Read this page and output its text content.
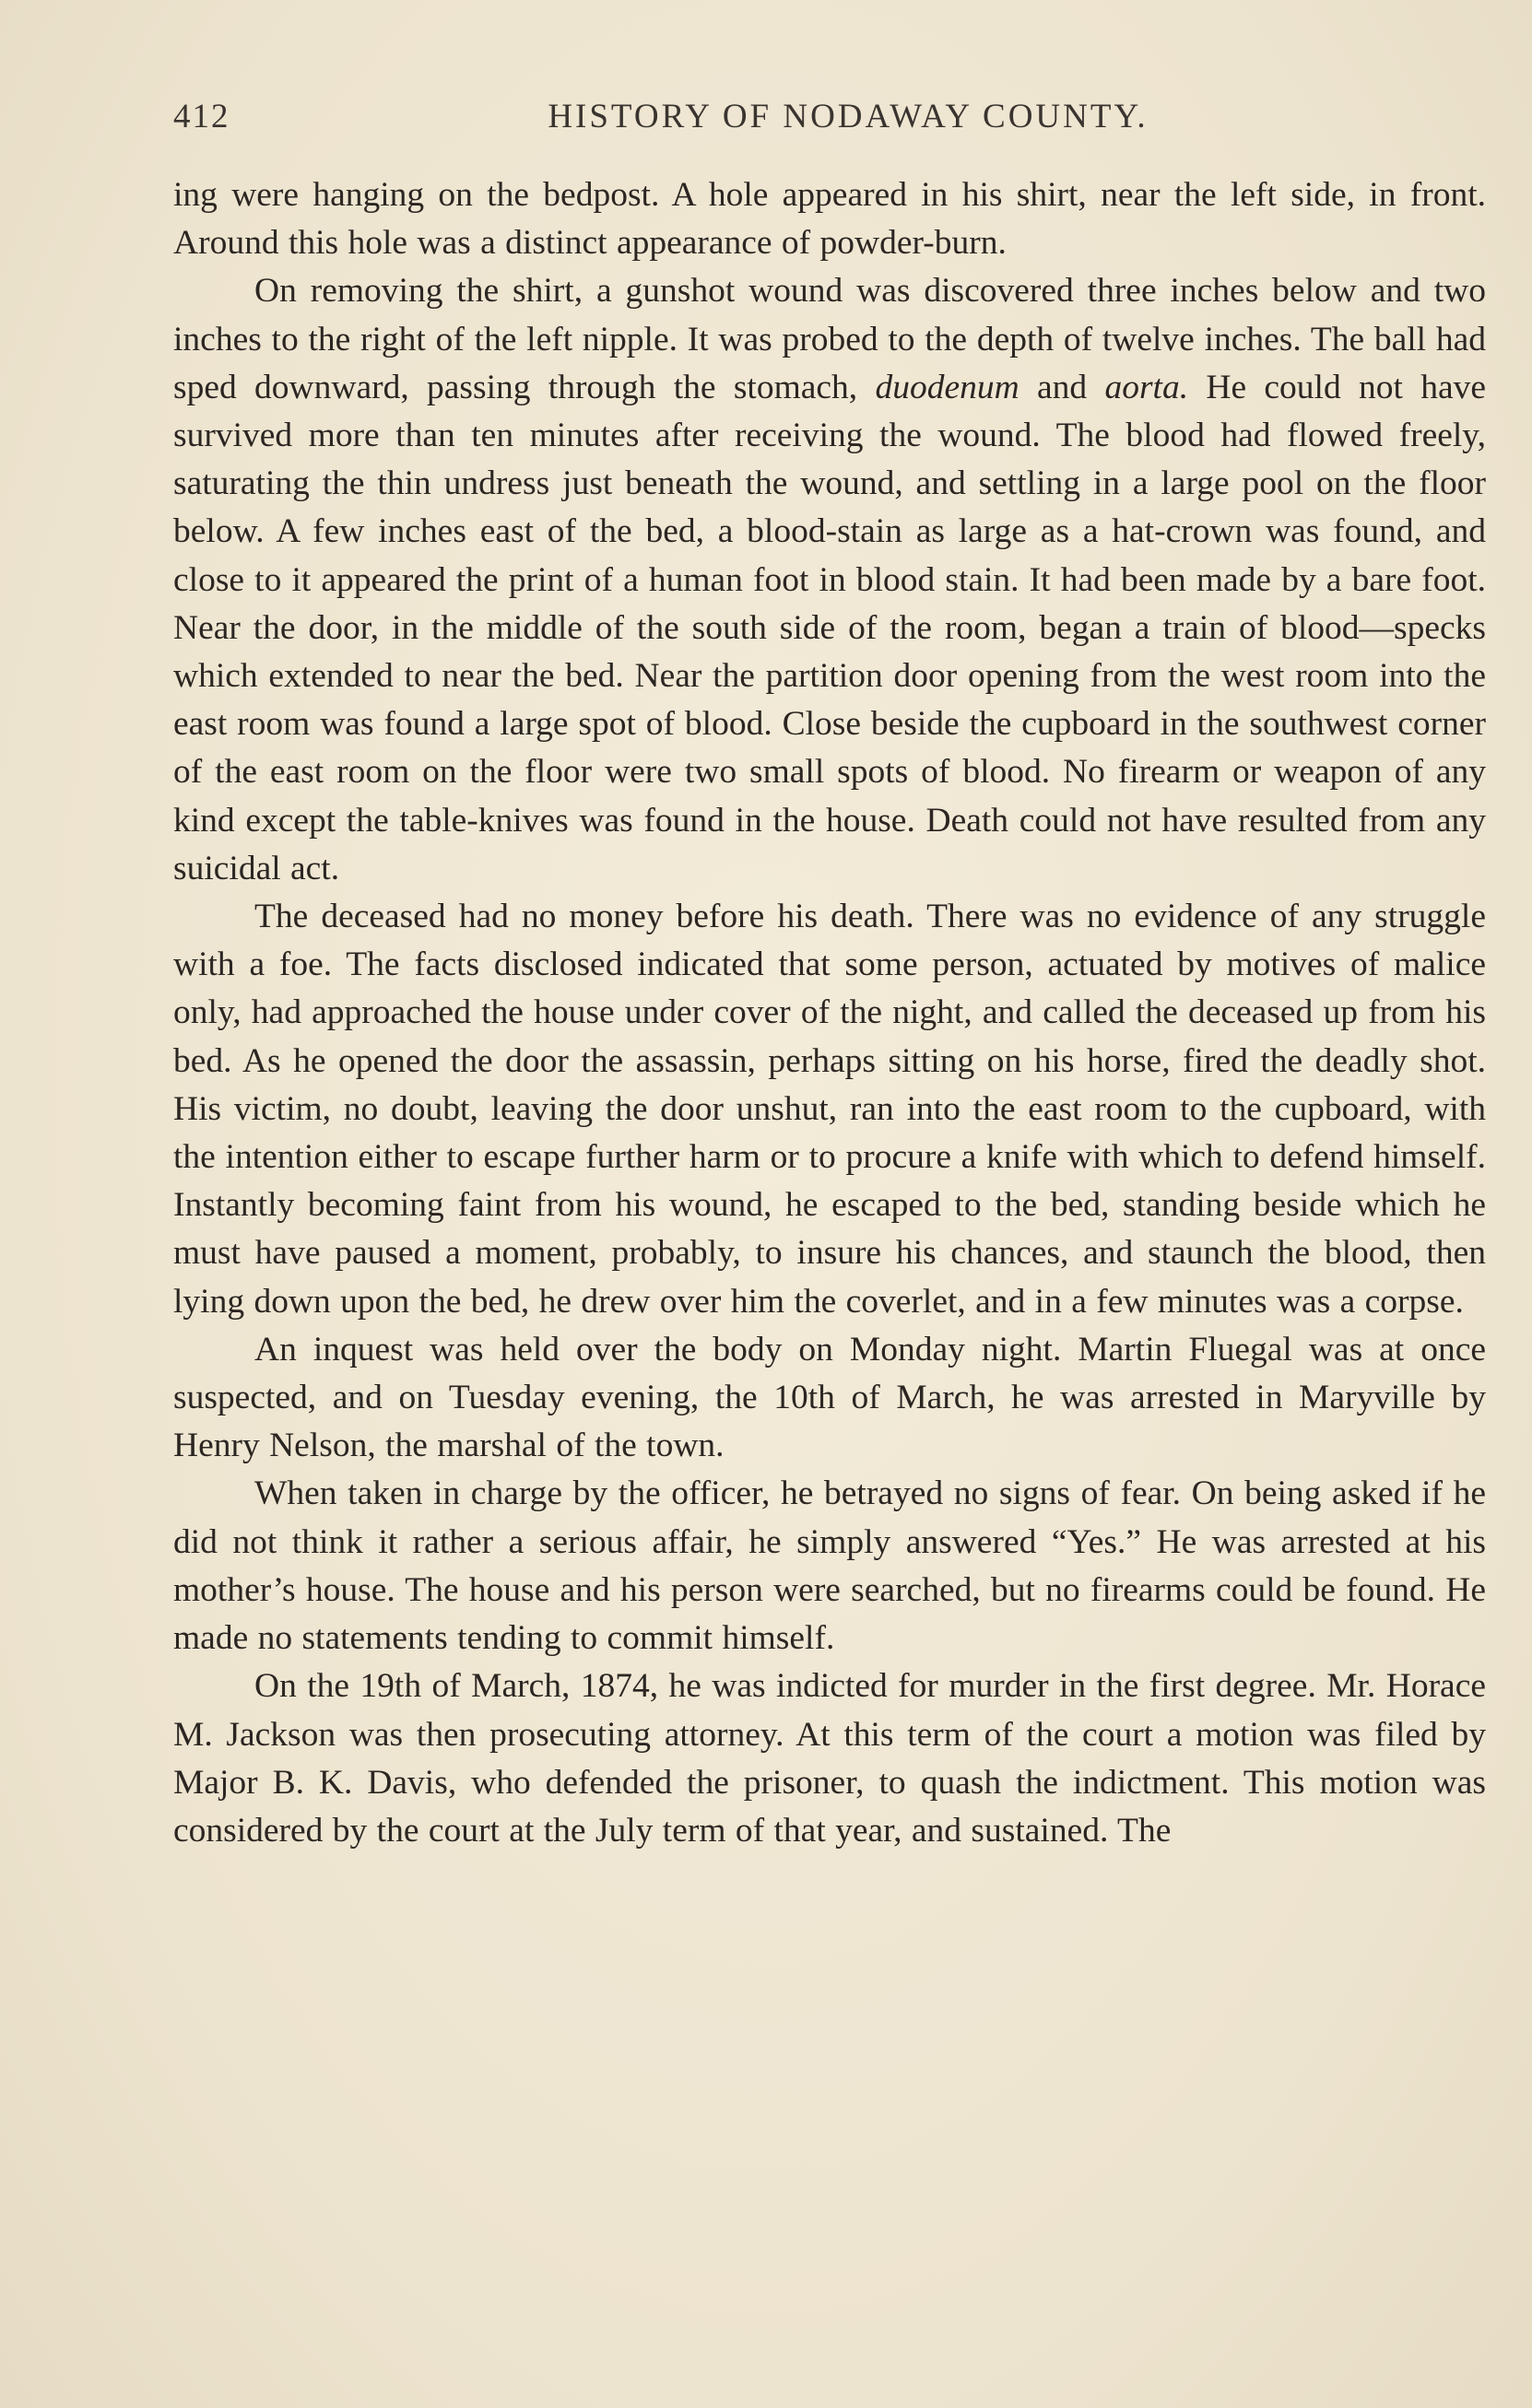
412	HISTORY OF NODAWAY COUNTY.

ing were hanging on the bedpost. A hole appeared in his shirt, near the left side, in front. Around this hole was a distinct appearance of powder-burn.

On removing the shirt, a gunshot wound was discovered three inches below and two inches to the right of the left nipple. It was probed to the depth of twelve inches. The ball had sped downward, passing through the stomach, duodenum and aorta. He could not have survived more than ten minutes after receiving the wound. The blood had flowed freely, saturating the thin undress just beneath the wound, and settling in a large pool on the floor below. A few inches east of the bed, a blood-stain as large as a hat-crown was found, and close to it appeared the print of a human foot in blood stain. It had been made by a bare foot. Near the door, in the middle of the south side of the room, began a train of blood—specks which extended to near the bed. Near the partition door opening from the west room into the east room was found a large spot of blood. Close beside the cupboard in the southwest corner of the east room on the floor were two small spots of blood. No firearm or weapon of any kind except the table-knives was found in the house. Death could not have resulted from any suicidal act.

The deceased had no money before his death. There was no evidence of any struggle with a foe. The facts disclosed indicated that some person, actuated by motives of malice only, had approached the house under cover of the night, and called the deceased up from his bed. As he opened the door the assassin, perhaps sitting on his horse, fired the deadly shot. His victim, no doubt, leaving the door unshut, ran into the east room to the cupboard, with the intention either to escape further harm or to procure a knife with which to defend himself. Instantly becoming faint from his wound, he escaped to the bed, standing beside which he must have paused a moment, probably, to insure his chances, and staunch the blood, then lying down upon the bed, he drew over him the coverlet, and in a few minutes was a corpse.

An inquest was held over the body on Monday night. Martin Fluegal was at once suspected, and on Tuesday evening, the 10th of March, he was arrested in Maryville by Henry Nelson, the marshal of the town.

When taken in charge by the officer, he betrayed no signs of fear. On being asked if he did not think it rather a serious affair, he simply answered “Yes.” He was arrested at his mother’s house. The house and his person were searched, but no firearms could be found. He made no statements tending to commit himself.

On the 19th of March, 1874, he was indicted for murder in the first degree. Mr. Horace M. Jackson was then prosecuting attorney. At this term of the court a motion was filed by Major B. K. Davis, who defended the prisoner, to quash the indictment. This motion was considered by the court at the July term of that year, and sustained. The
